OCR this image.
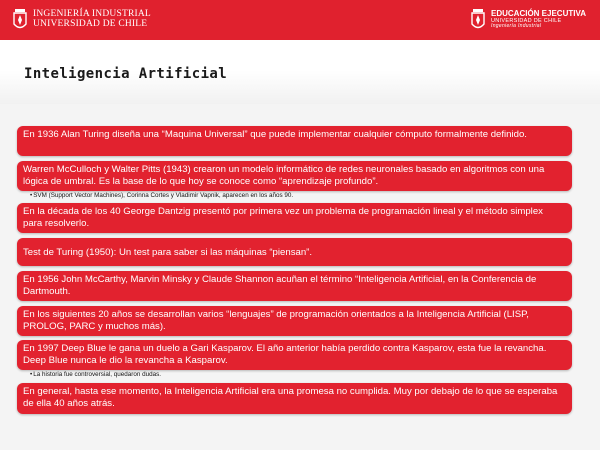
INGENIERÍA INDUSTRIAL
UNIVERSIDAD DE CHILE
EDUCACIÓN EJECUTIVA
UNIVERSIDAD DE CHILE
Ingeniería Industrial
Inteligencia Artificial
En 1936 Alan Turing diseña una “Maquina Universal” que puede implementar cualquier cómputo formalmente definido.
Warren McCulloch y Walter Pitts (1943) crearon un modelo informático de redes neuronales basado en algoritmos con una lógica de umbral. Es la base de lo que hoy se conoce como “aprendizaje profundo”.
• SVM (Support Vector Machines), Corinna Cortes y Vladimir Vapnik, aparecen en los años 90.
En la década de los 40 George Dantzig presentó por primera vez un problema de programación lineal y el método simplex para resolverlo.
Test de Turing (1950): Un test para saber si las máquinas “piensan”.
En 1956 John McCarthy, Marvin Minsky y Claude Shannon acuñan el término “Inteligencia Artificial, en la Conferencia de Dartmouth.
En los siguientes 20 años se desarrollan varios “lenguajes” de programación orientados a la Inteligencia Artificial (LISP, PROLOG, PARC y muchos más).
En 1997 Deep Blue le gana un duelo a Gari Kasparov. El año anterior había perdido contra Kasparov, esta fue la revancha. Deep Blue nunca le dio la revancha a Kasparov.
• La historia fue controversial, quedaron dudas.
En general, hasta ese momento, la Inteligencia Artificial era una promesa no cumplida. Muy por debajo de lo que se esperaba de ella 40 años atrás.
